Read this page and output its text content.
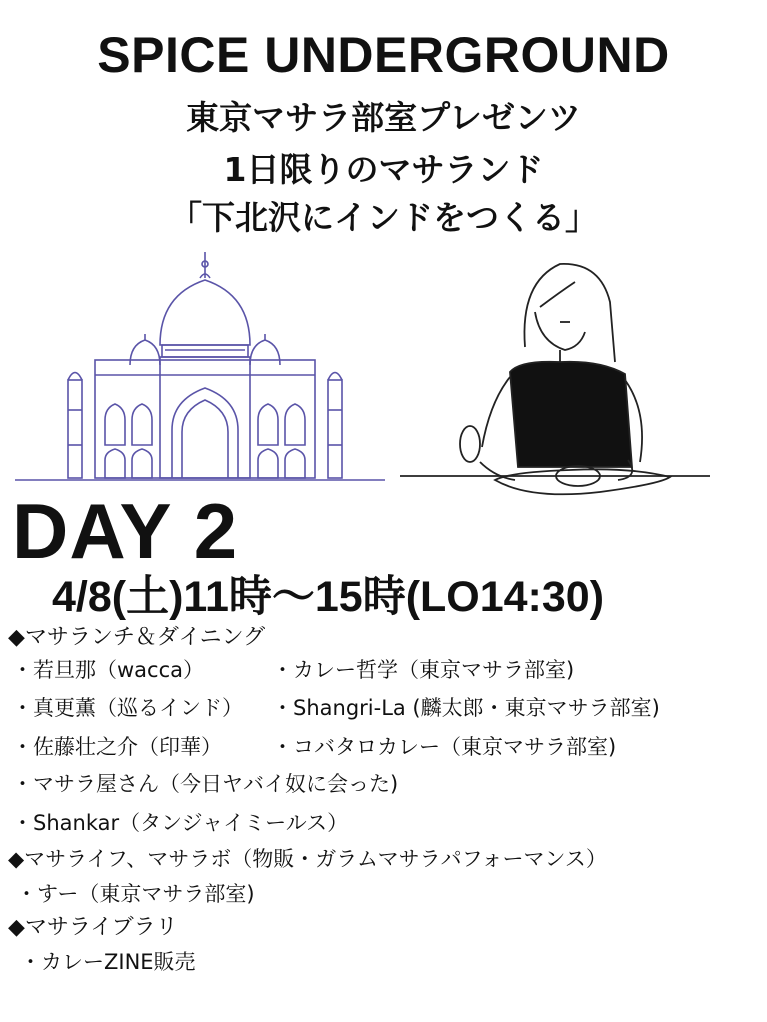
SPICE UNDERGROUND
東京マサラ部室プレゼンツ
1日限りのマサランド
「下北沢にインドをつくる」
DAY 2
4/8(土)11時〜15時(LO14:30)
◆マサランチ＆ダイニング
・若旦那（wacca）	・カレー哲学（東京マサラ部室)
・真更薫（巡るインド） ・Shangri-La (麟太郎・東京マサラ部室)
・佐藤壮之介（印華） ・コバタロカレー（東京マサラ部室)
・マサラ屋さん（今日ヤバイ奴に会った)
・Shankar（タンジャイミールス）
◆マサライフ、マサラボ（物販・ガラムマサラパフォーマンス）
・すー（東京マサラ部室)
◆マサライブラリ
・カレーZINE販売
